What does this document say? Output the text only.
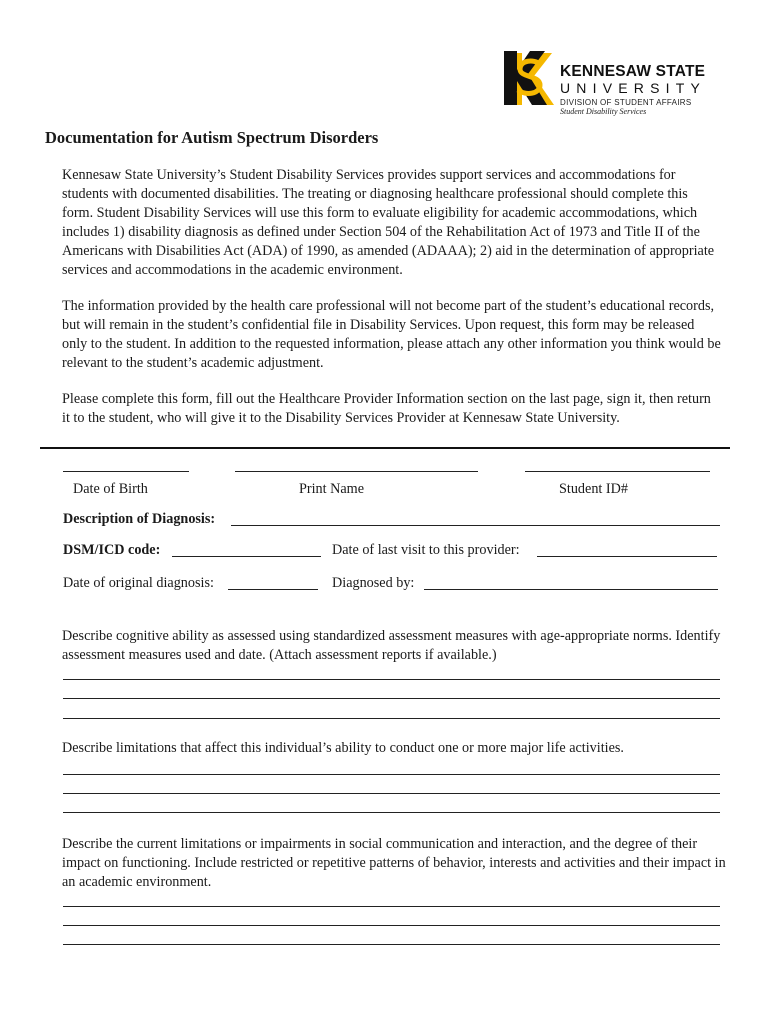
KENNESAW STATE
UNIVERSITY
DIVISION OF STUDENT AFFAIRS
Student Disability Services
Documentation for Autism Spectrum Disorders
Kennesaw State University’s Student Disability Services provides support services and accommodations for students with documented disabilities. The treating or diagnosing healthcare professional should complete this form. Student Disability Services will use this form to evaluate eligibility for academic accommodations, which includes 1) disability diagnosis as defined under Section 504 of the Rehabilitation Act of 1973 and Title II of the Americans with Disabilities Act (ADA) of 1990, as amended (ADAAA); 2) aid in the determination of appropriate services and accommodations in the academic environment.
The information provided by the health care professional will not become part of the student’s educational records, but will remain in the student’s confidential file in Disability Services. Upon request, this form may be released only to the student. In addition to the requested information, please attach any other information you think would be relevant to the student’s academic adjustment.
Please complete this form, fill out the Healthcare Provider Information section on the last page, sign it, then return it to the student, who will give it to the Disability Services Provider at Kennesaw State University.
Date of Birth	Print Name	Student ID#
Description of Diagnosis:
DSM/ICD code:	Date of last visit to this provider:
Date of original diagnosis:	Diagnosed by:
Describe cognitive ability as assessed using standardized assessment measures with age-appropriate norms. Identify assessment measures used and date. (Attach assessment reports if available.)
Describe limitations that affect this individual’s ability to conduct one or more major life activities.
Describe the current limitations or impairments in social communication and interaction, and the degree of their impact on functioning. Include restricted or repetitive patterns of behavior, interests and activities and their impact in an academic environment.
